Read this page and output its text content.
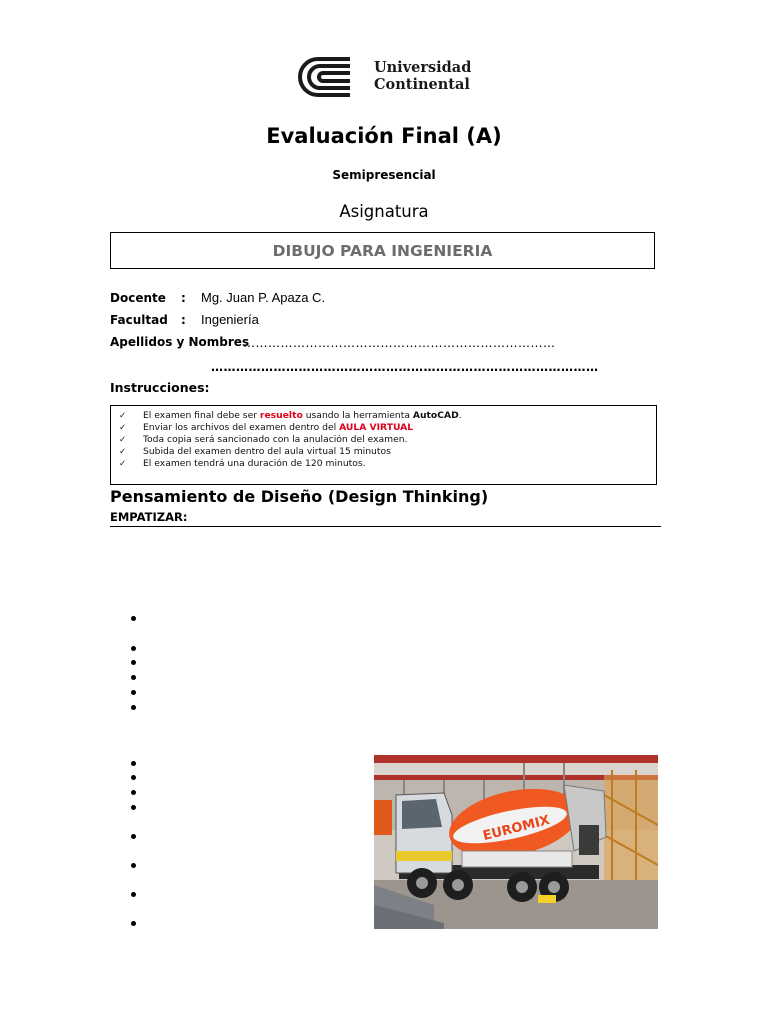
Universidad
Continental
Evaluación Final (A)
Semipresencial
Asignatura
DIBUJO PARA INGENIERIA
Docente : Mg. Juan P. Apaza C.
Facultad : Ingeniería
Apellidos y Nombres
…………………………………………………………………
…………………………………………………………………………………
Instrucciones:
✓ El examen final debe ser resuelto usando la herramienta AutoCAD.
✓ Enviar los archivos del examen dentro del AULA VIRTUAL
✓ Toda copia será sancionado con la anulación del examen.
✓ Subida del examen dentro del aula virtual 15 minutos
✓ El examen tendrá una duración de 120 minutos.
Pensamiento de Diseño (Design Thinking)
EMPATIZAR:
EUROMIX
